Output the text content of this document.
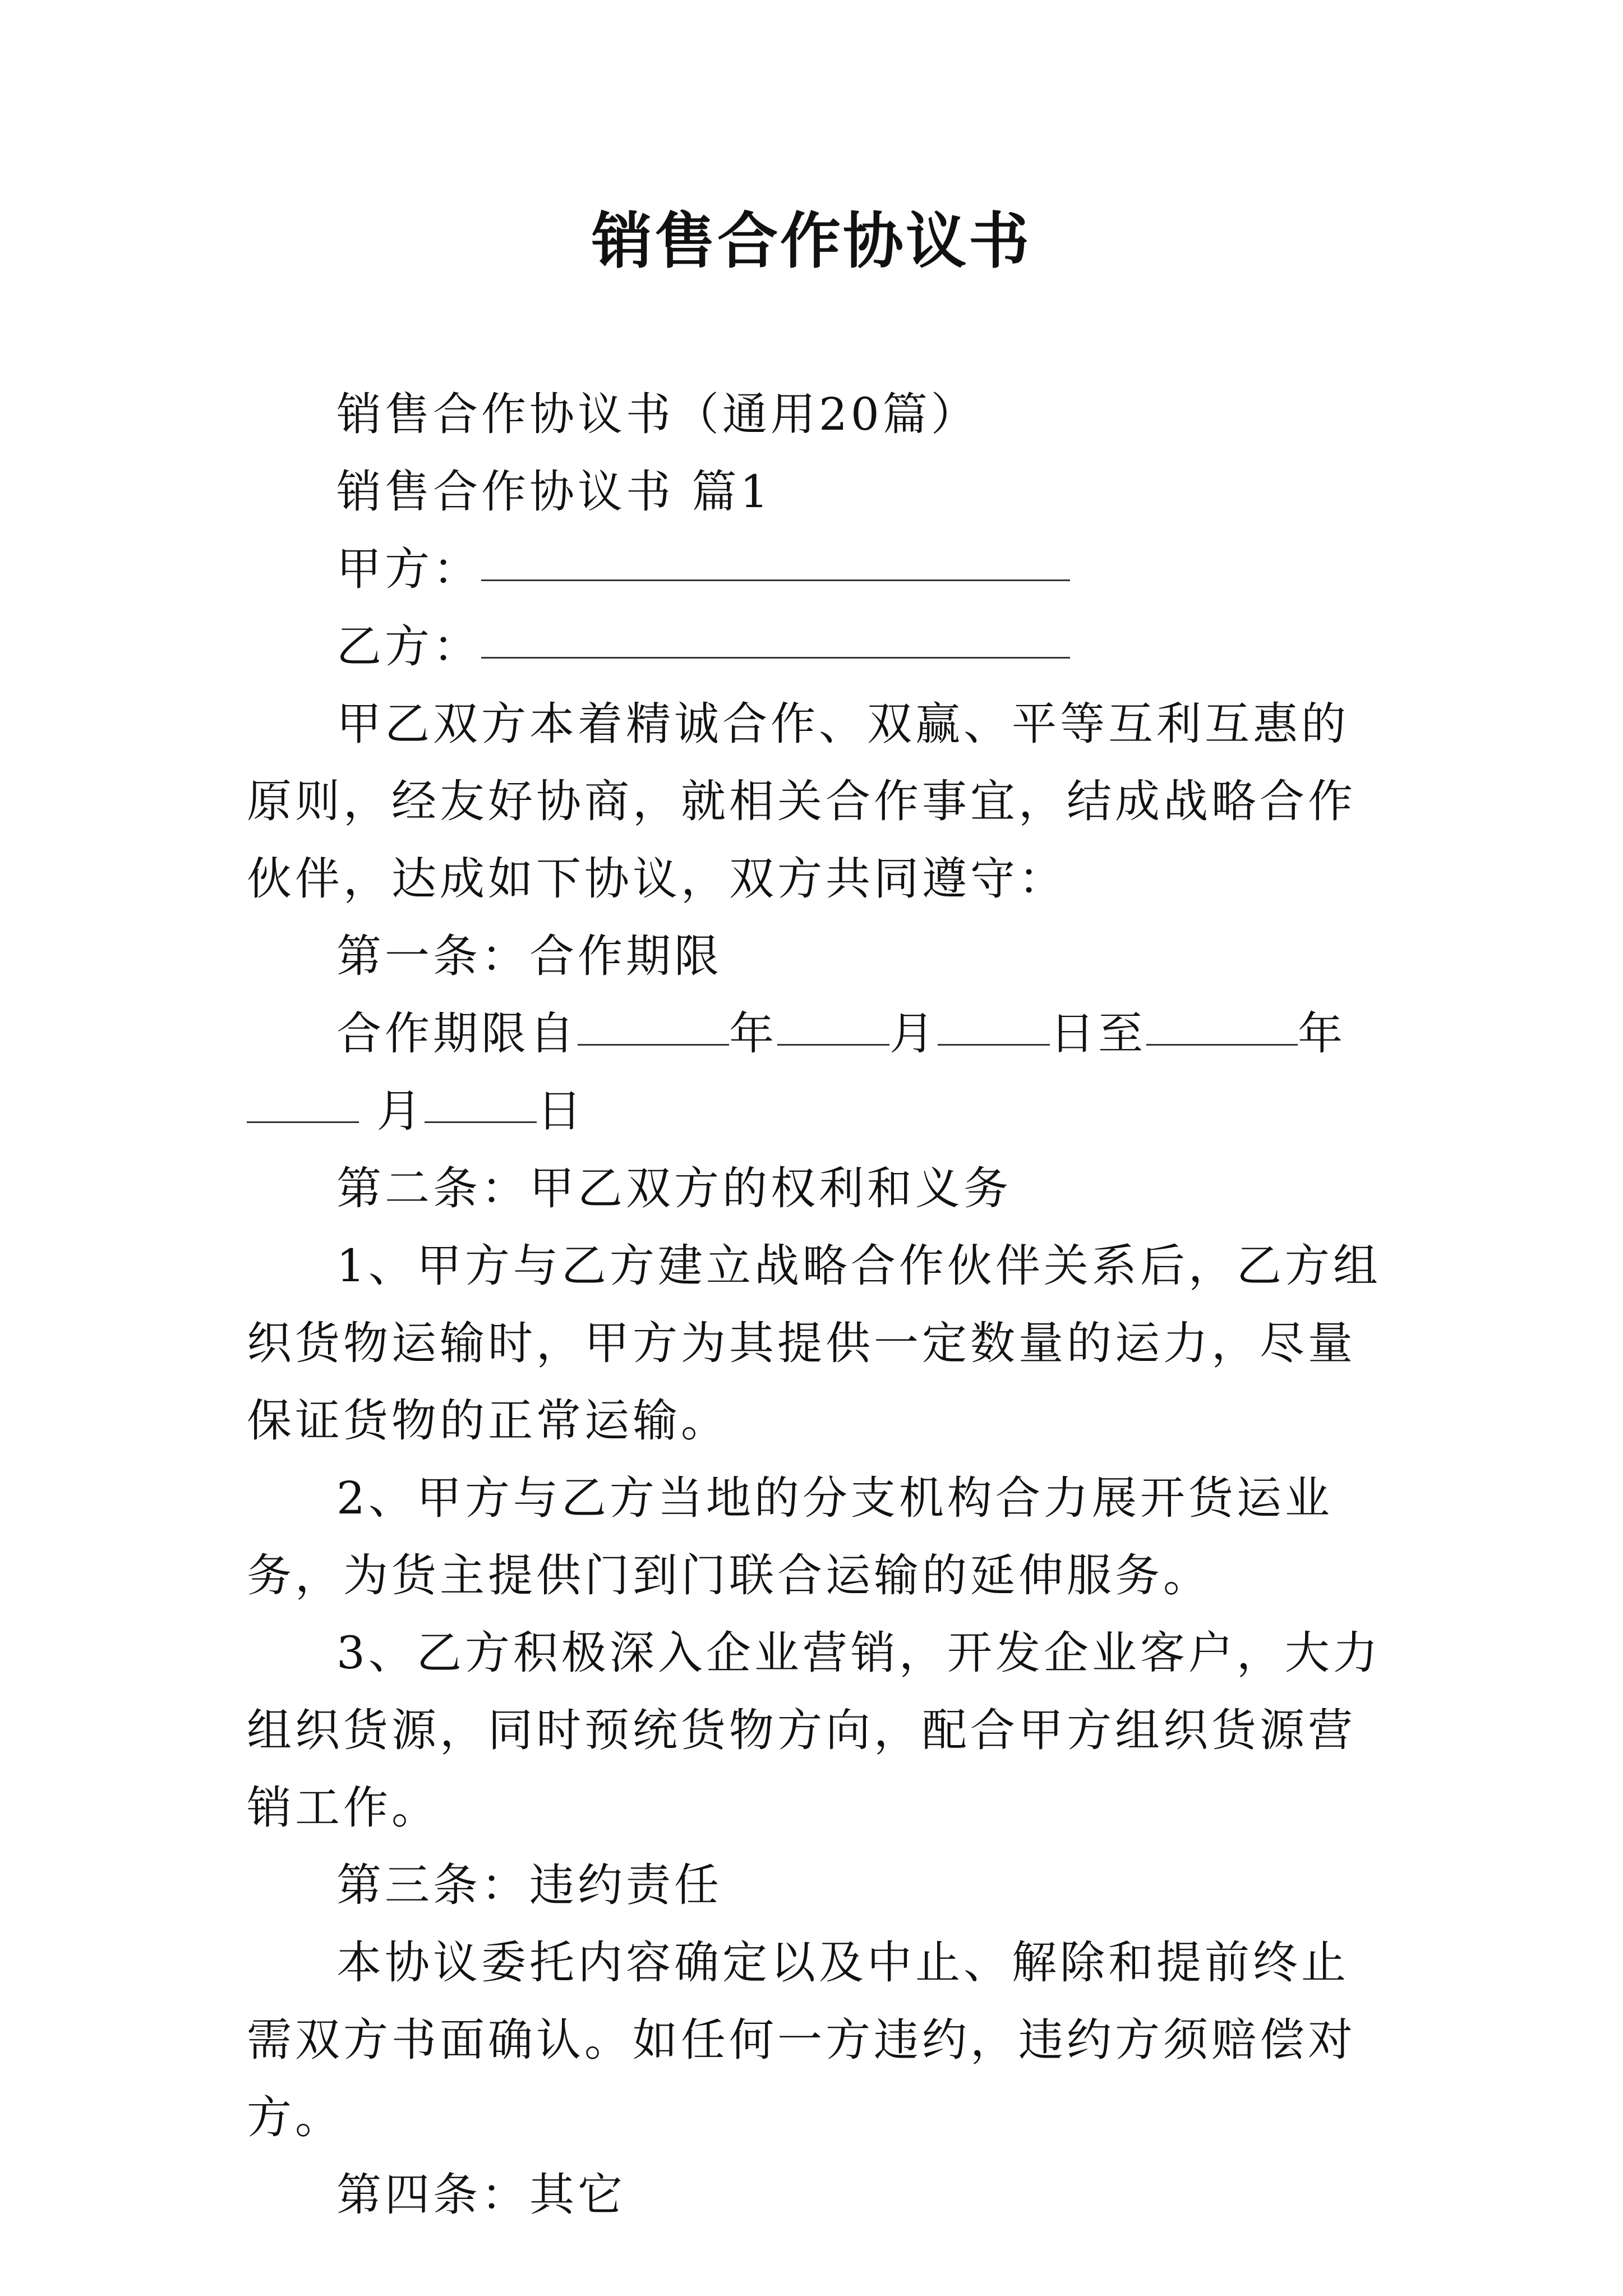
销售合作协议书

销售合作协议书（通用20篇）

销售合作协议书 篇1

甲方：

乙方：

甲乙双方本着精诚合作、双赢、平等互利互惠的原则，经友好协商，就相关合作事宜，结成战略合作伙伴，达成如下协议，双方共同遵守：

第一条：合作期限

合作期限自	年	月	日至	年 月	日

第二条：甲乙双方的权利和义务

1、甲方与乙方建立战略合作伙伴关系后，乙方组织货物运输时，甲方为其提供一定数量的运力，尽量保证货物的正常运输。

2、甲方与乙方当地的分支机构合力展开货运业务，为货主提供门到门联合运输的延伸服务。

3、乙方积极深入企业营销，开发企业客户，大力组织货源，同时预统货物方向，配合甲方组织货源营销工作。

第三条：违约责任

本协议委托内容确定以及中止、解除和提前终止需双方书面确认。如任何一方违约，违约方须赔偿对方。

第四条：其它
